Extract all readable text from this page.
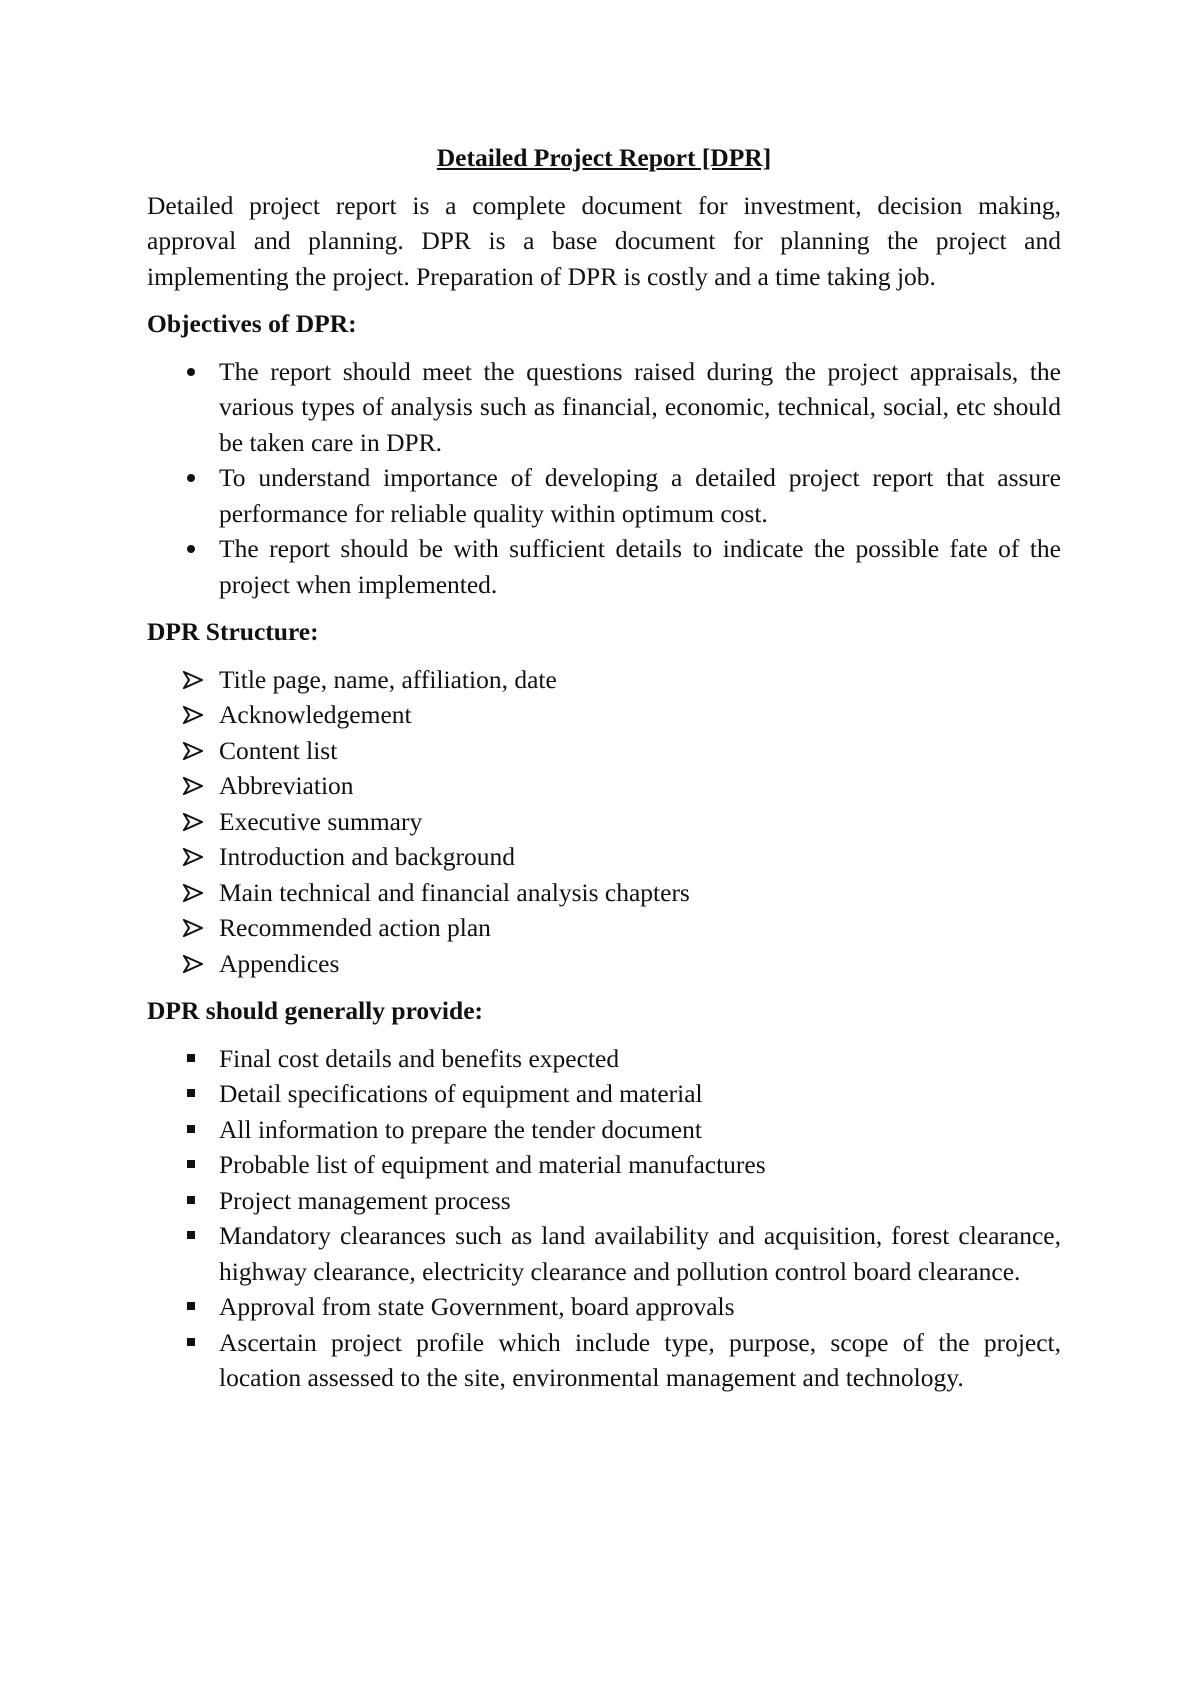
Detailed Project Report [DPR]

Detailed project report is a complete document for investment, decision making, approval and planning. DPR is a base document for planning the project and implementing the project. Preparation of DPR is costly and a time taking job.

Objectives of DPR:
The report should meet the questions raised during the project appraisals, the various types of analysis such as financial, economic, technical, social, etc should be taken care in DPR.
To understand importance of developing a detailed project report that assure performance for reliable quality within optimum cost.
The report should be with sufficient details to indicate the possible fate of the project when implemented.
DPR Structure:
Title page, name, affiliation, date
Acknowledgement
Content list
Abbreviation
Executive summary
Introduction and background
Main technical and financial analysis chapters
Recommended action plan
Appendices
DPR should generally provide:
Final cost details and benefits expected
Detail specifications of equipment and material
All information to prepare the tender document
Probable list of equipment and material manufactures
Project management process
Mandatory clearances such as land availability and acquisition, forest clearance, highway clearance, electricity clearance and pollution control board clearance.
Approval from state Government, board approvals
Ascertain project profile which include type, purpose, scope of the project, location assessed to the site, environmental management and technology.
